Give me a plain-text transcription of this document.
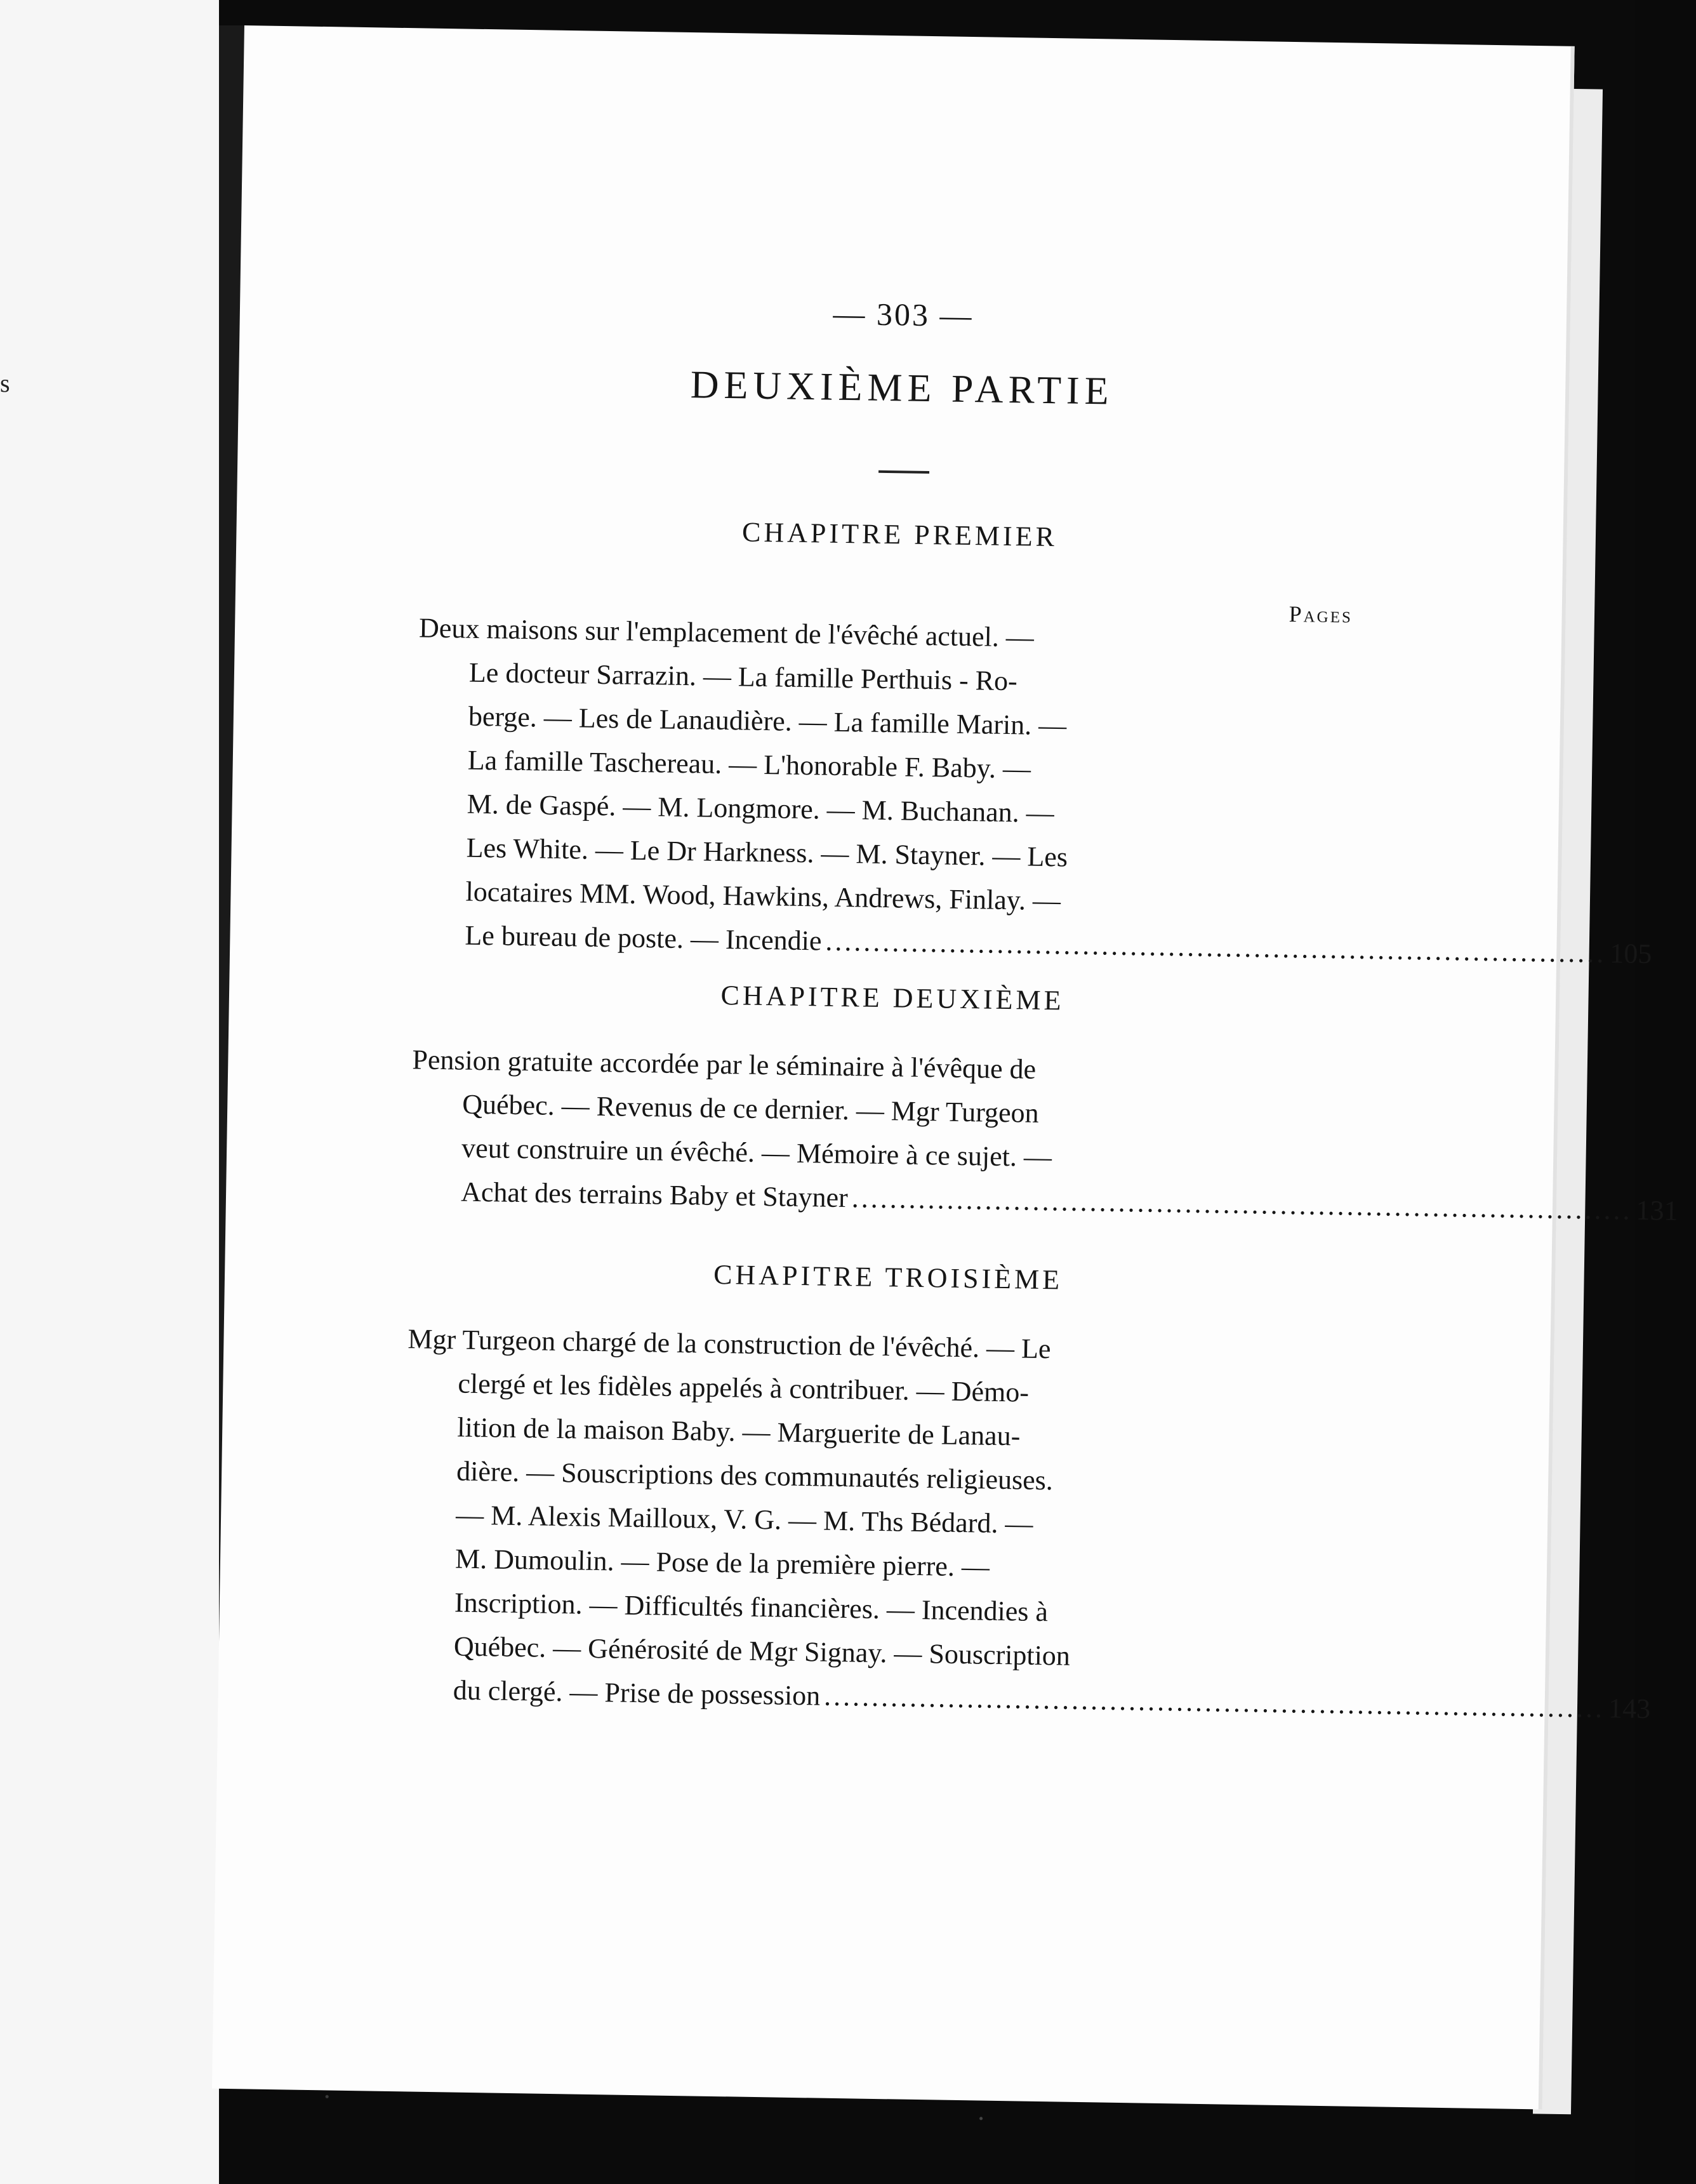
s
— 303 —
DEUXIÈME PARTIE
CHAPITRE PREMIER
Pages
Deux maisons sur l'emplacement de l'évêché actuel. —
Le docteur Sarrazin. — La famille Perthuis - Ro-
berge. — Les de Lanaudière. — La famille Marin. —
La famille Taschereau. — L'honorable F. Baby. —
M. de Gaspé. — M. Longmore. — M. Buchanan. —
Les White. — Le Dr Harkness. — M. Stayner. — Les
locataires MM. Wood, Hawkins, Andrews, Finlay. —
Le bureau de poste. — Incendie .................................................................................. 105
CHAPITRE DEUXIÈME
Pension gratuite accordée par le séminaire à l'évêque de
Québec. — Revenus de ce dernier. — Mgr Turgeon
veut construire un évêché. — Mémoire à ce sujet. —
Achat des terrains Baby et Stayner .................................................................................. 131
CHAPITRE TROISIÈME
Mgr Turgeon chargé de la construction de l'évêché. — Le
clergé et les fidèles appelés à contribuer. — Démo-
lition de la maison Baby. — Marguerite de Lanau-
dière. — Souscriptions des communautés religieuses.
— M. Alexis Mailloux, V. G. — M. Ths Bédard. —
M. Dumoulin. — Pose de la première pierre. —
Inscription. — Difficultés financières. — Incendies à
Québec. — Générosité de Mgr Signay. — Souscription
du clergé. — Prise de possession .................................................................................. 143
